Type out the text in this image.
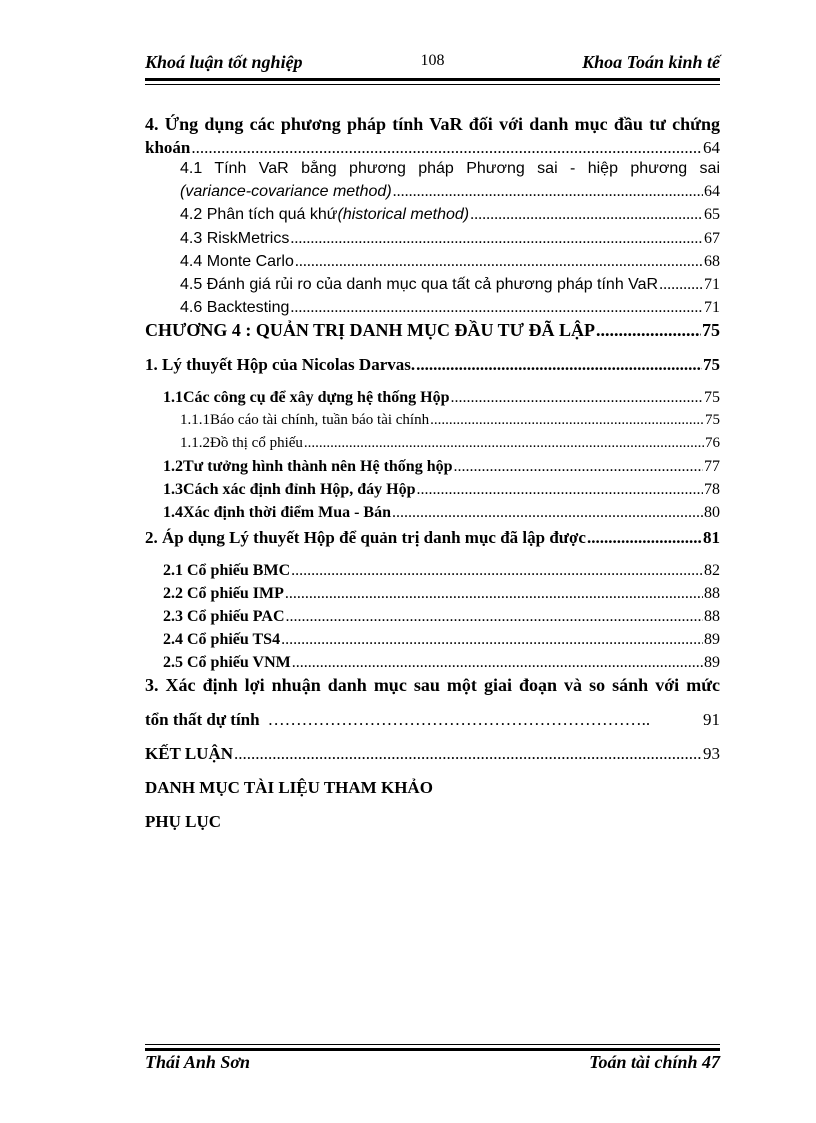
Khoá luận tốt nghiệp	108	Khoa Toán kinh tế
4. Ứng dụng các phương pháp tính VaR đối với danh mục đầu tư chứng
khoán .....	64
4.1 Tính VaR bằng phương pháp Phương sai - hiệp phương sai
(variance-covariance method) .....	64
4.2 Phân tích quá khứ (historical method) .....	65
4.3 RiskMetrics .....	67
4.4 Monte Carlo .....	68
4.5 Đánh giá rủi ro của danh mục qua tất cả phương pháp tính VaR .....	71
4.6 Backtesting .....	71
CHƯƠNG 4 : QUẢN TRỊ DANH MỤC ĐẦU TƯ ĐÃ LẬP .....	75
1. Lý thuyết Hộp của Nicolas Darvas. .....	75
1.1Các công cụ để xây dựng hệ thống Hộp .....	75
1.1.1Báo cáo tài chính, tuần báo tài chính .....	75
1.1.2Đồ thị cổ phiếu .....	76
1.2Tư tưởng hình thành nên Hệ thống hộp .....	77
1.3Cách xác định đỉnh Hộp, đáy Hộp .....	78
1.4Xác định thời điểm Mua - Bán .....	80
2. Áp dụng Lý thuyết Hộp để quản trị danh mục đã lập được .....	81
2.1 Cổ phiếu BMC .....	82
2.2 Cổ phiếu IMP .....	88
2.3 Cổ phiếu PAC .....	88
2.4 Cổ phiếu TS4 .....	89
2.5 Cổ phiếu VNM .....	89
3. Xác định lợi nhuận danh mục sau một giai đoạn và so sánh với mức
tổn thất dự tính …………………………………………………………..	91
KẾT LUẬN .....	93
DANH MỤC TÀI LIỆU THAM KHẢO
PHỤ LỤC
Thái Anh Sơn	Toán tài chính 47
